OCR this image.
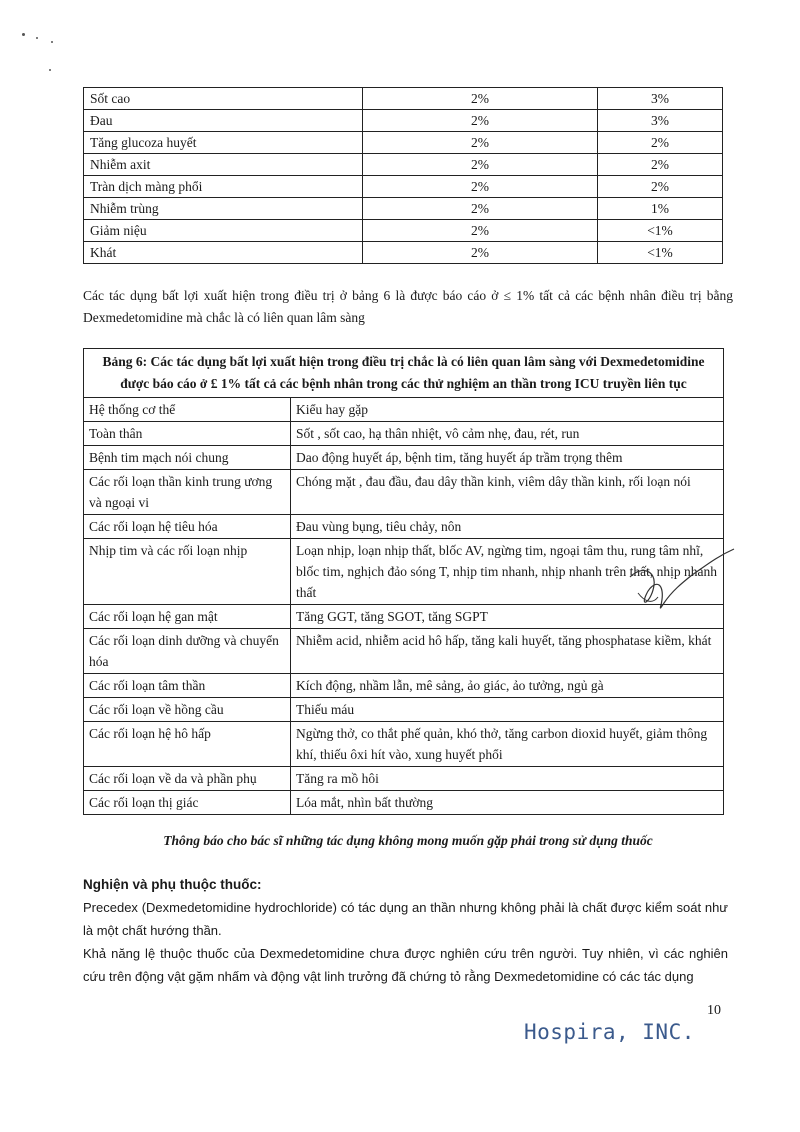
Sốt cao	2%	3%
Đau	2%	3%
Tăng glucoza huyết	2%	2%
Nhiễm axit	2%	2%
Tràn dịch màng phổi	2%	2%
Nhiễm trùng	2%	1%
Giảm niệu	2%	<1%
Khát	2%	<1%
Các tác dụng bất lợi xuất hiện trong điều trị ở bảng 6 là được báo cáo ở ≤ 1% tất cả các bệnh nhân điều trị bằng Dexmedetomidine mà chắc là có liên quan lâm sàng
Bảng 6: Các tác dụng bất lợi xuất hiện trong điều trị chắc là có liên quan lâm sàng với Dexmedetomidine được báo cáo ở £ 1% tất cả các bệnh nhân trong các thử nghiệm an thần trong ICU truyền liên tục	
Hệ thống cơ thể	Kiểu hay gặp
Toàn thân	Sốt , sốt cao, hạ thân nhiệt, vô cảm nhẹ, đau, rét, run
Bệnh tim mạch nói chung	Dao động huyết áp, bệnh tim, tăng huyết áp trầm trọng thêm
Các rối loạn thần kinh trung ương và ngoại vi	Chóng mặt , đau đầu, đau dây thần kinh, viêm dây thần kinh, rối loạn nói
Các rối loạn hệ tiêu hóa	Đau vùng bụng, tiêu chảy, nôn
Nhịp tim và các rối loạn nhịp	Loạn nhịp, loạn nhịp thất, blốc AV, ngừng tim, ngoại tâm thu, rung tâm nhĩ, blốc tim, nghịch đảo sóng T, nhịp tim nhanh, nhịp nhanh trên thất, nhịp nhanh thất
Các rối loạn hệ gan mật	Tăng GGT, tăng SGOT, tăng SGPT
Các rối loạn dinh dưỡng và chuyển hóa	Nhiễm acid, nhiễm acid hô hấp, tăng kali huyết, tăng phosphatase kiềm, khát
Các rối loạn tâm thần	Kích động, nhầm lẫn, mê sảng, ảo giác, ảo tưởng, ngủ gà
Các rối loạn về hồng cầu	Thiếu máu
Các rối loạn hệ hô hấp	Ngừng thở, co thắt phế quản, khó thở, tăng carbon dioxid huyết, giảm thông khí, thiếu ôxi hít vào, xung huyết phổi
Các rối loạn về da và phần phụ	Tăng ra mồ hôi
Các rối loạn thị giác	Lóa mắt, nhìn bất thường
Thông báo cho bác sĩ những tác dụng không mong muốn gặp phải trong sử dụng thuốc
Nghiện và phụ thuộc thuốc:
Precedex (Dexmedetomidine hydrochloride) có tác dụng an thần nhưng không phải là chất được kiểm soát như là một chất hướng thần.
Khả năng lệ thuộc thuốc của Dexmedetomidine chưa được nghiên cứu trên người. Tuy nhiên, vì các nghiên cứu trên động vật gặm nhấm và động vật linh trưởng đã chứng tỏ rằng Dexmedetomidine có các tác dụng
10
Hospira, INC.
